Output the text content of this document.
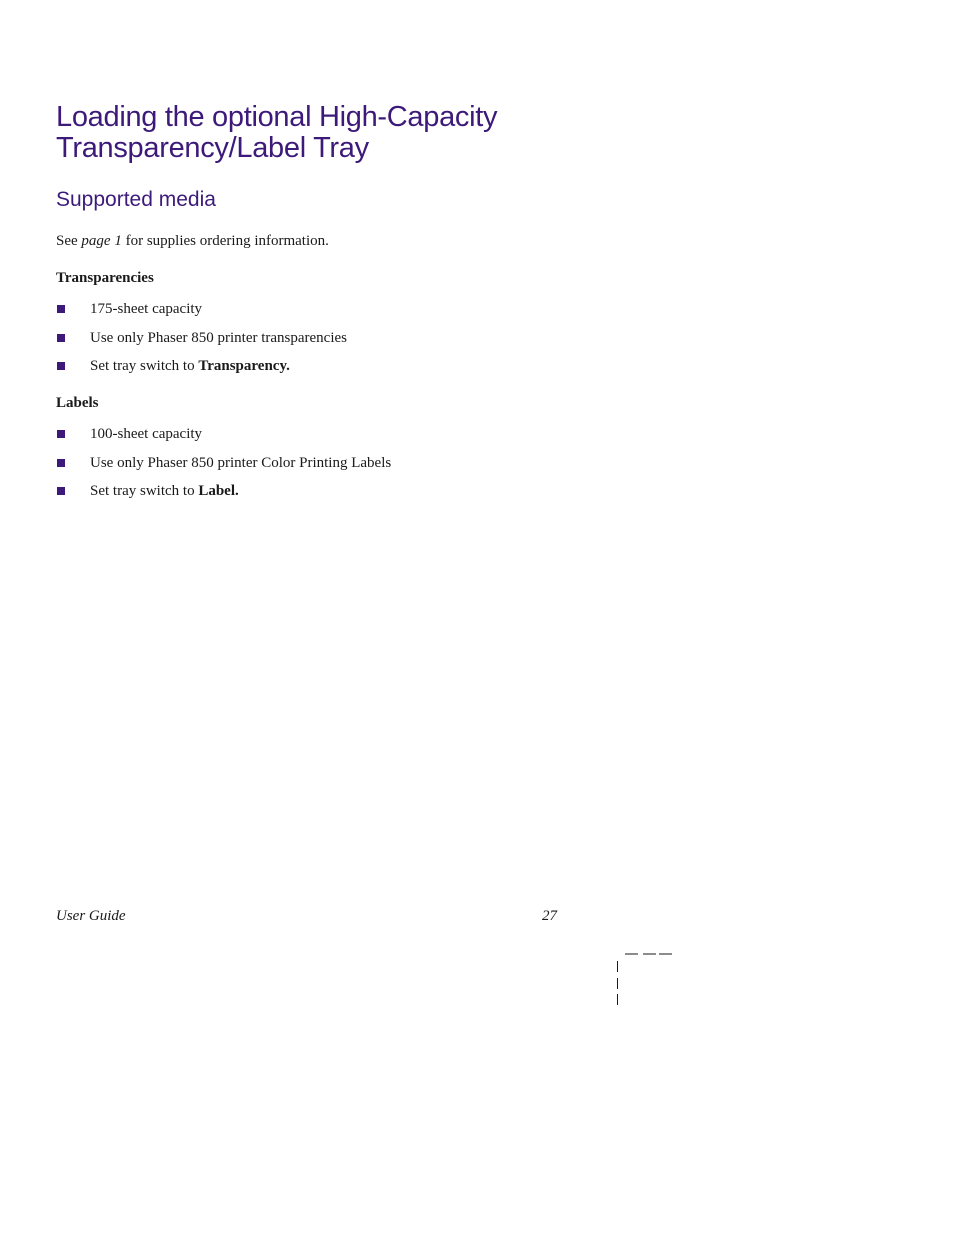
Loading the optional High-Capacity
Transparency/Label Tray
Supported media

See page 1 for supplies ordering information.

Transparencies
175-sheet capacity
Use only Phaser 850 printer transparencies
Set tray switch to Transparency.
Labels
100-sheet capacity
Use only Phaser 850 printer Color Printing Labels
Set tray switch to Label.
User Guide	27
